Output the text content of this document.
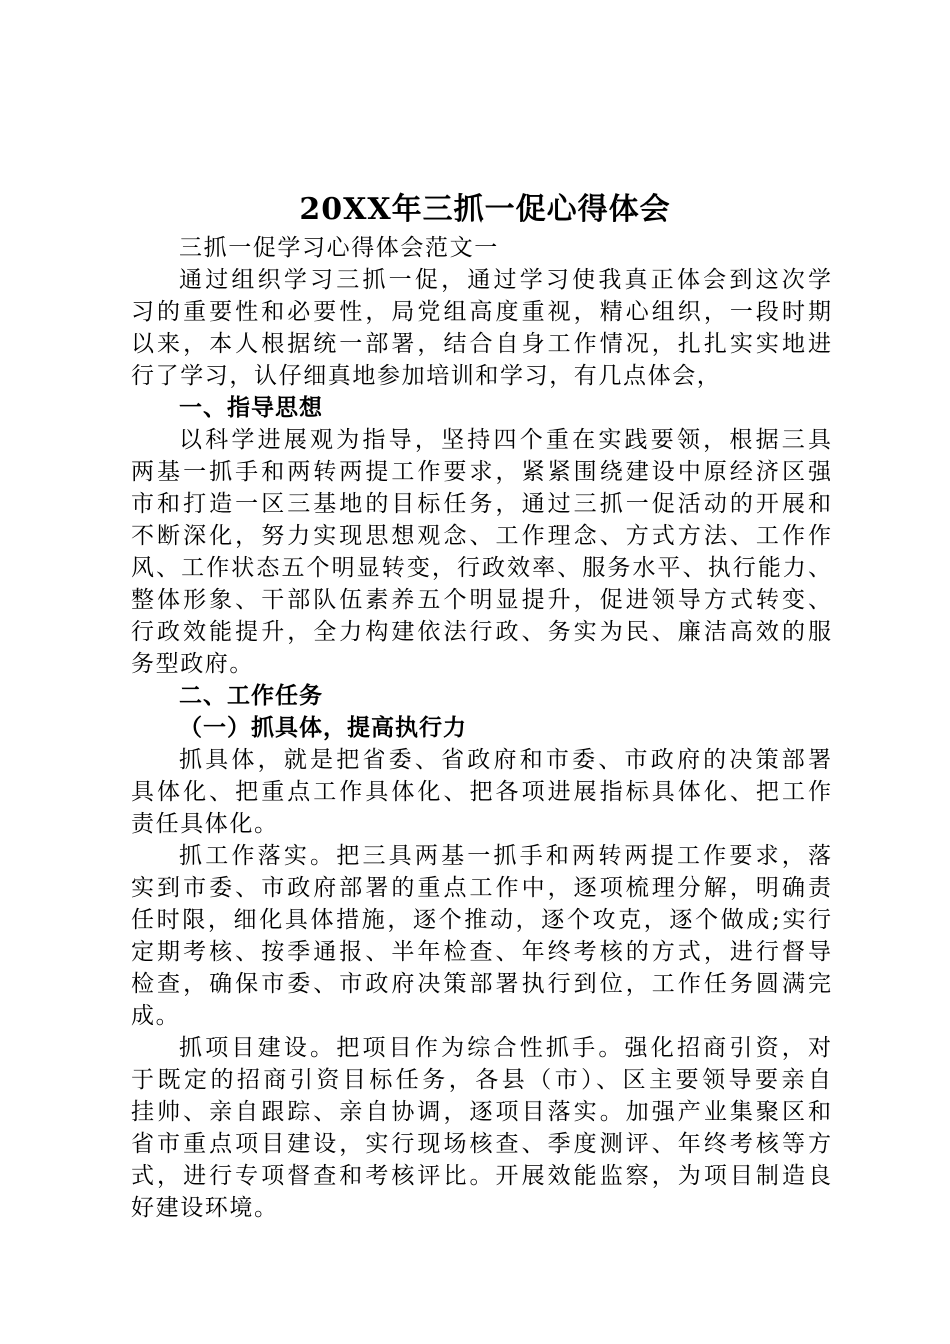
20XX年三抓一促心得体会
三抓一促学习心得体会范文一
通过组织学习三抓一促，通过学习使我真正体会到这次学
习的重要性和必要性，局党组高度重视，精心组织，一段时期
以来，本人根据统一部署，结合自身工作情况，扎扎实实地进
行了学习，认仔细真地参加培训和学习，有几点体会，
一、指导思想
以科学进展观为指导，坚持四个重在实践要领，根据三具
两基一抓手和两转两提工作要求，紧紧围绕建设中原经济区强
市和打造一区三基地的目标任务，通过三抓一促活动的开展和
不断深化，努力实现思想观念、工作理念、方式方法、工作作
风、工作状态五个明显转变，行政效率、服务水平、执行能力、
整体形象、干部队伍素养五个明显提升，促进领导方式转变、
行政效能提升，全力构建依法行政、务实为民、廉洁高效的服
务型政府。
二、工作任务
（一）抓具体，提高执行力
抓具体，就是把省委、省政府和市委、市政府的决策部署
具体化、把重点工作具体化、把各项进展指标具体化、把工作
责任具体化。
抓工作落实。把三具两基一抓手和两转两提工作要求，落
实到市委、市政府部署的重点工作中，逐项梳理分解，明确责
任时限，细化具体措施，逐个推动，逐个攻克，逐个做成;实行
定期考核、按季通报、半年检查、年终考核的方式，进行督导
检查，确保市委、市政府决策部署执行到位，工作任务圆满完
成。
抓项目建设。把项目作为综合性抓手。强化招商引资，对
于既定的招商引资目标任务，各县（市）、区主要领导要亲自
挂帅、亲自跟踪、亲自协调，逐项目落实。加强产业集聚区和
省市重点项目建设，实行现场核查、季度测评、年终考核等方
式，进行专项督查和考核评比。开展效能监察，为项目制造良
好建设环境。
